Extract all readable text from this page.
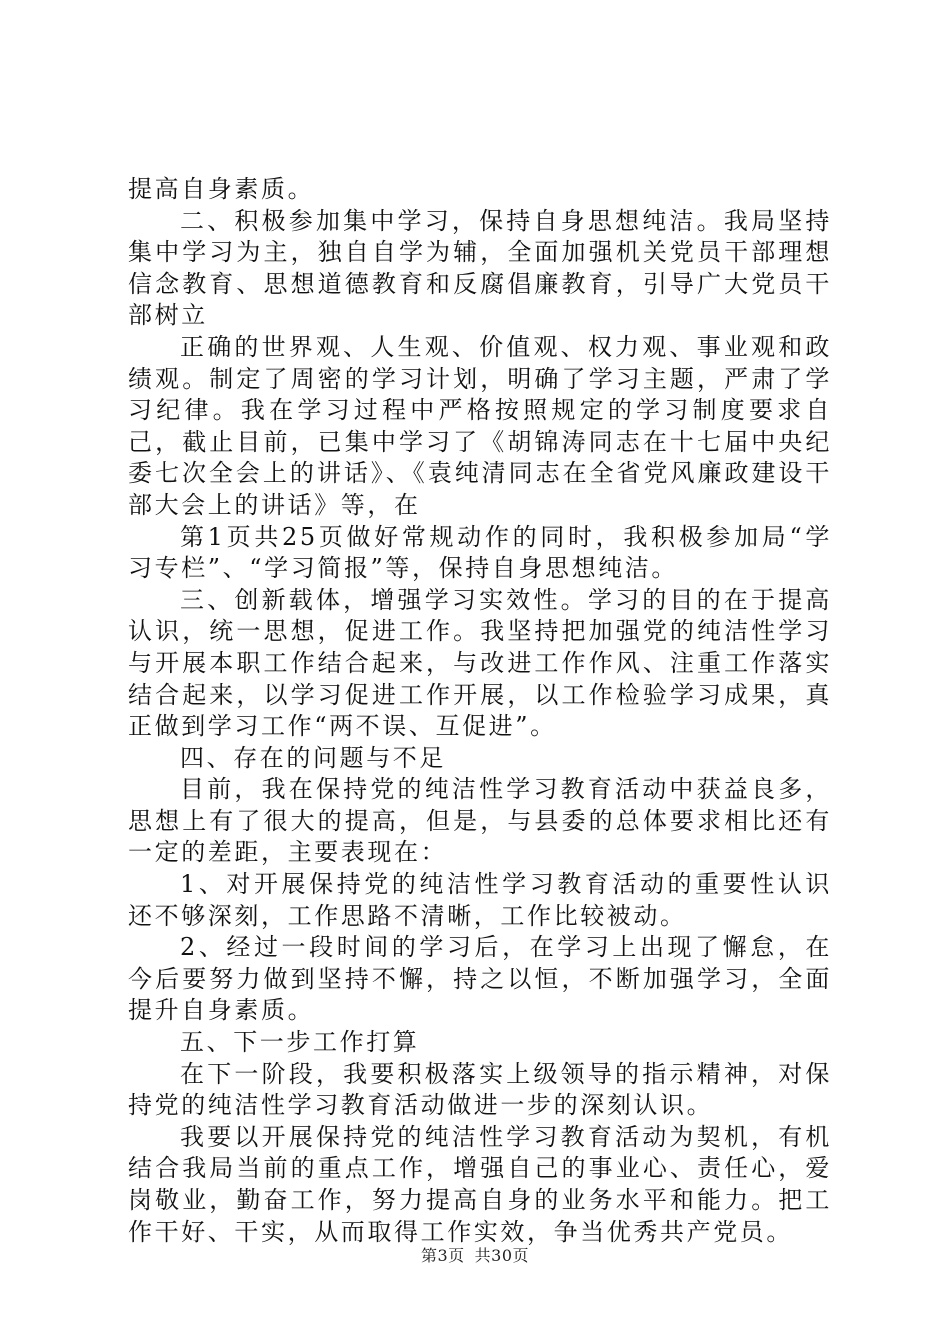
提高自身素质。

二、积极参加集中学习，保持自身思想纯洁。我局坚持集中学习为主，独自自学为辅，全面加强机关党员干部理想信念教育、思想道德教育和反腐倡廉教育，引导广大党员干部树立

正确的世界观、人生观、价值观、权力观、事业观和政绩观。制定了周密的学习计划，明确了学习主题，严肃了学习纪律。我在学习过程中严格按照规定的学习制度要求自己，截止目前，已集中学习了《胡锦涛同志在十七届中央纪委七次全会上的讲话》、《袁纯清同志在全省党风廉政建设干部大会上的讲话》等，在

第1页共25页做好常规动作的同时，我积极参加局“学习专栏”、“学习简报”等，保持自身思想纯洁。

三、创新载体，增强学习实效性。学习的目的在于提高认识，统一思想，促进工作。我坚持把加强党的纯洁性学习与开展本职工作结合起来，与改进工作作风、注重工作落实结合起来，以学习促进工作开展，以工作检验学习成果，真正做到学习工作“两不误、互促进”。

四、存在的问题与不足

目前，我在保持党的纯洁性学习教育活动中获益良多，思想上有了很大的提高，但是，与县委的总体要求相比还有一定的差距，主要表现在：

1、对开展保持党的纯洁性学习教育活动的重要性认识还不够深刻，工作思路不清晰，工作比较被动。

2、经过一段时间的学习后，在学习上出现了懈怠，在今后要努力做到坚持不懈，持之以恒，不断加强学习，全面提升自身素质。

五、下一步工作打算

在下一阶段，我要积极落实上级领导的指示精神，对保持党的纯洁性学习教育活动做进一步的深刻认识。

我要以开展保持党的纯洁性学习教育活动为契机，有机结合我局当前的重点工作，增强自己的事业心、责任心，爱岗敬业，勤奋工作，努力提高自身的业务水平和能力。把工作干好、干实，从而取得工作实效，争当优秀共产党员。

第3页 共30页
